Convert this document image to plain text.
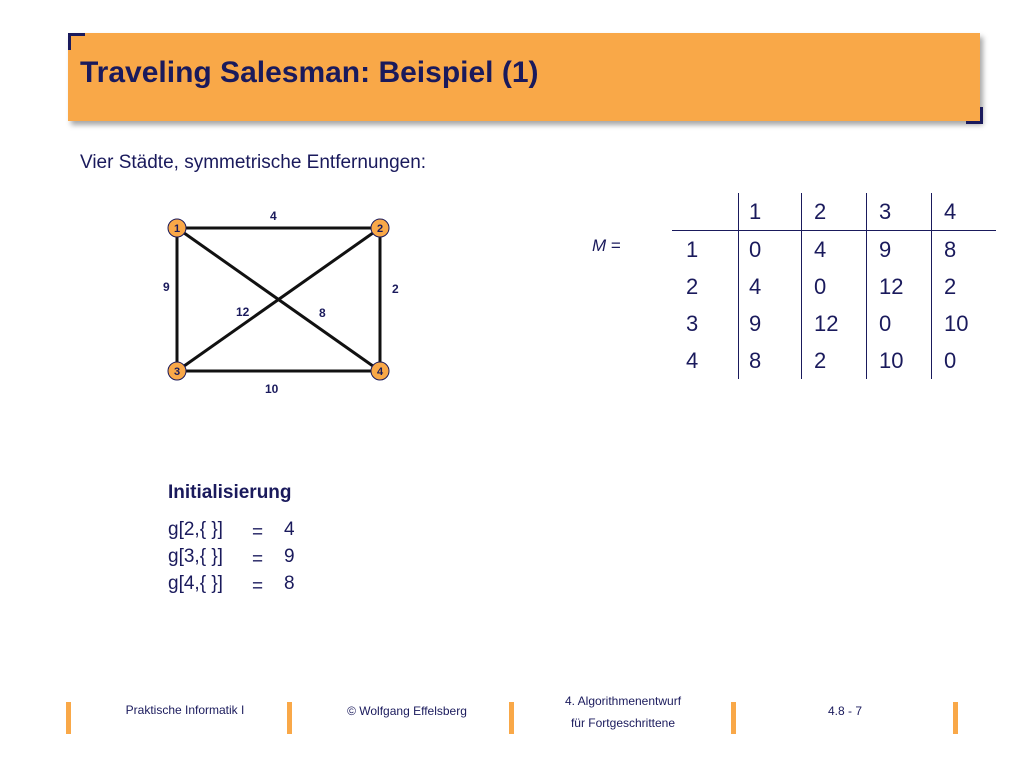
Traveling Salesman: Beispiel (1)
Vier Städte, symmetrische Entfernungen:
4
9	2
10
12	8
1	2
3	4
M =
	1	2	3	4
1	0	4	9	8
2	4	0	12	2
3	9	12	0	10
4	8	2	10	0
Initialisierung
g[2,{ }] = 4
g[3,{ }] = 9
g[4,{ }] = 8
Praktische Informatik I	© Wolfgang Effelsberg
4. Algorithmenentwurf
für Fortgeschrittene
4.8 - 7
